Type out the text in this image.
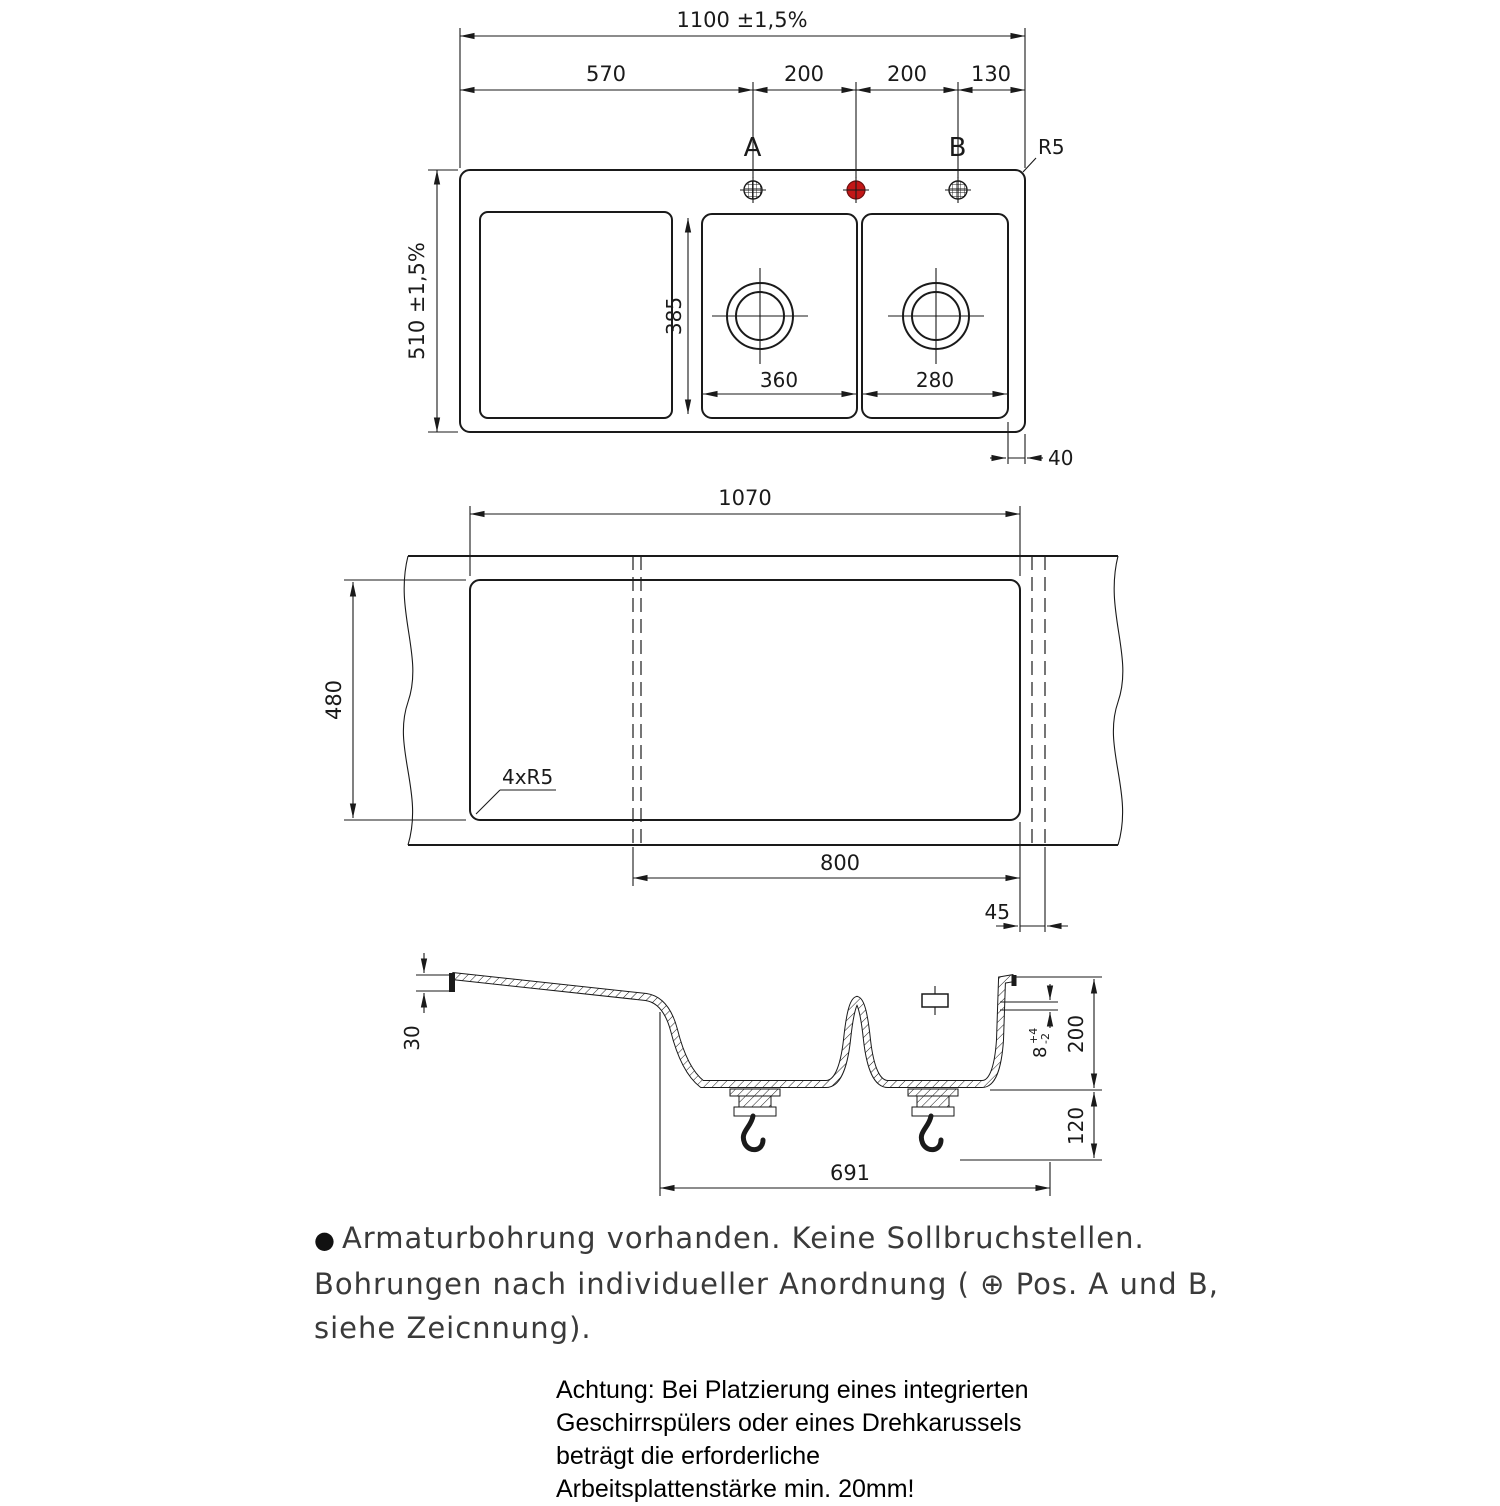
A	B
1100 ±1,5%
570	200	200 130
510 ±1,5%	385
360	280
R5
40
1070
480
4xR5
800
45
30
8
+4 -2 200
120
691
● Armaturbohrung vorhanden. Keine Sollbruchstellen.
Bohrungen nach individueller Anordnung ( ⊕ Pos. A und B,
siehe Zeicnnung).
Achtung: Bei Platzierung eines integrierten
Geschirrspülers oder eines Drehkarussels
beträgt die erforderliche
Arbeitsplattenstärke min. 20mm!
